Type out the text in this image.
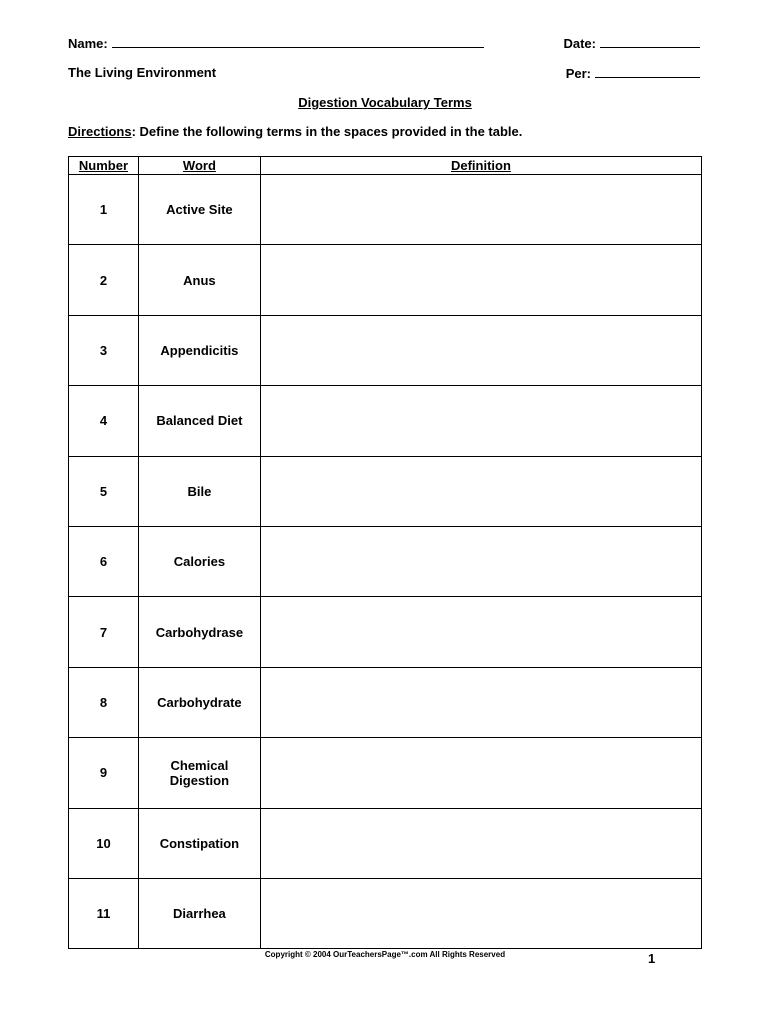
Name:	Date:
The Living Environment	Per:
Digestion Vocabulary Terms
Directions: Define the following terms in the spaces provided in the table.
Number	Word	Definition
1	Active Site	
2	Anus	
3	Appendicitis	
4	Balanced Diet	
5	Bile	
6	Calories	
7	Carbohydrase	
8	Carbohydrate	
9	Chemical Digestion	
10	Constipation	
11	Diarrhea	
Copyright © 2004 OurTeachersPage™.com All Rights Reserved	1
